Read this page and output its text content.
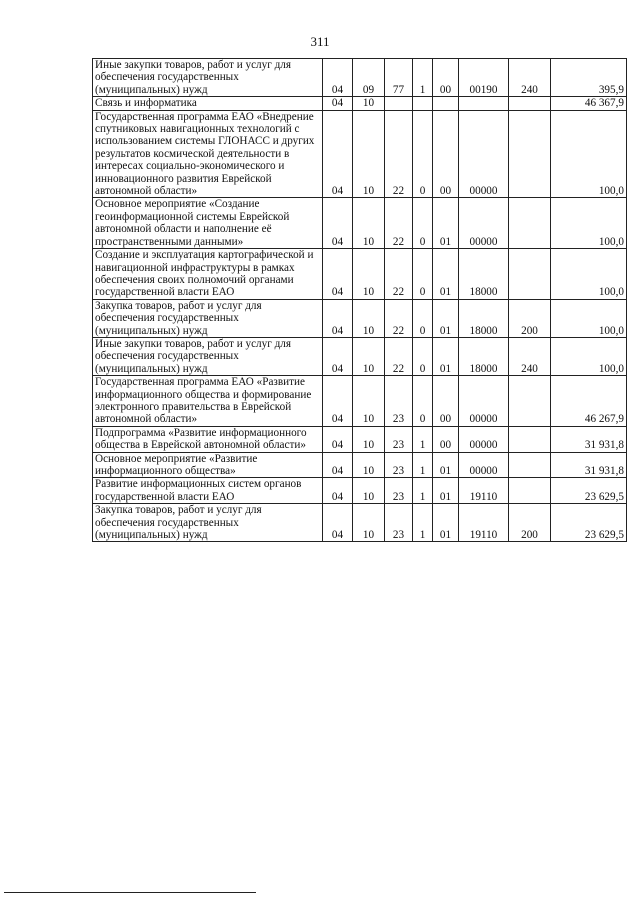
311
Иные закупки товаров, работ и услуг для обеспечения государственных (муниципальных) нужд	04	09	77	1	00	00190	240	395,9
Связь и информатика	04	10						46 367,9
Государственная программа ЕАО «Внедрение спутниковых навигационных технологий с использованием системы ГЛОНАСС и других результатов космической деятельности в интересах социально-экономического и инновационного развития Еврейской автономной области»	04	10	22	0	00	00000		100,0
Основное мероприятие «Создание геоинформационной системы Еврейской автономной области и наполнение её пространственными данными»	04	10	22	0	01	00000		100,0
Создание и эксплуатация картографической и навигационной инфраструктуры в рамках обеспечения своих полномочий органами государственной власти ЕАО	04	10	22	0	01	18000		100,0
Закупка товаров, работ и услуг для обеспечения государственных (муниципальных) нужд	04	10	22	0	01	18000	200	100,0
Иные закупки товаров, работ и услуг для обеспечения государственных (муниципальных) нужд	04	10	22	0	01	18000	240	100,0
Государственная программа ЕАО «Развитие информационного общества и формирование электронного правительства в Еврейской автономной области»	04	10	23	0	00	00000		46 267,9
Подпрограмма «Развитие информационного общества в Еврейской автономной области»	04	10	23	1	00	00000		31 931,8
Основное мероприятие «Развитие информационного общества»	04	10	23	1	01	00000		31 931,8
Развитие информационных систем органов государственной власти ЕАО	04	10	23	1	01	19110		23 629,5
Закупка товаров, работ и услуг для обеспечения государственных (муниципальных) нужд	04	10	23	1	01	19110	200	23 629,5
